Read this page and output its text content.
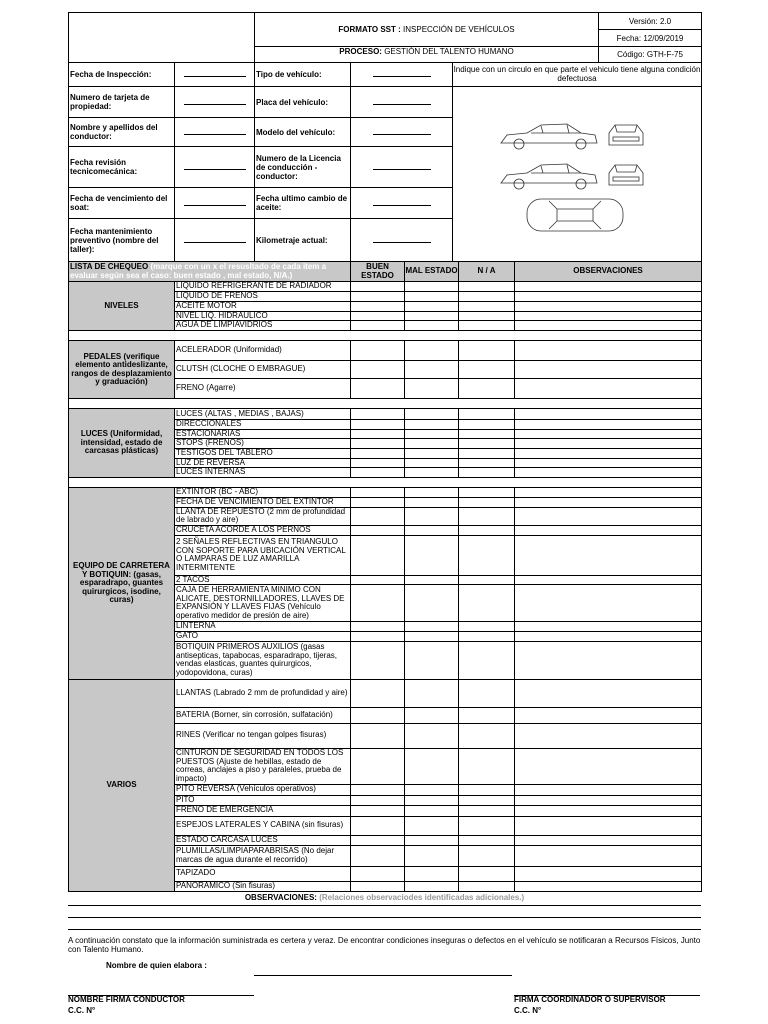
	FORMATO SST : INSPECCIÓN DE VEHÍCULOS	Versión: 2.0
		Fecha: 12/09/2019
	PROCESO: GESTIÓN DEL TALENTO HUMANO	Código: GTH-F-75
Fecha de Inspección:		Tipo de vehículo:		Indique con un circulo en que parte el vehiculo tiene alguna condición defectuosa
Numero de tarjeta de propiedad:		Placa del vehículo:		
Nombre y apellidos del conductor:		Modelo del vehículo:		
Fecha revisión tecnicomecánica:		Numero de la Licencia de conducción - conductor:		
Fecha de vencimiento del soat:		Fecha ultimo cambio de aceite:		
Fecha mantenimiento preventivo (nombre del taller):		Kilometraje actual:		
LISTA DE CHEQUEO (marque con un x el resusltado de cada item a evaluar según sea el caso: buen estado , mal estado, N/A.)		BUEN ESTADO	MAL ESTADO	N / A	OBSERVACIONES
NIVELES	LIQUIDO REFRIGERANTE DE RADIADOR				
	LIQUIDO DE FRENOS				
	ACEITE MOTOR				
	NIVEL LIQ. HIDRAULICO				
	AGUA DE LIMPIAVIDRIOS				

PEDALES (verifique elemento antideslizante, rangos de desplazamiento y graduación)	ACELERADOR (Uniformidad)				
	CLUTSH (CLOCHE O EMBRAGUE)				
	FRENO (Agarre)				

LUCES (Uniformidad, intensidad, estado de carcasas plásticas)	LUCES (ALTAS , MEDIAS , BAJAS)				
	DIRECCIONALES				
	ESTACIONARIAS				
	STOPS (FRENOS)				
	TESTIGOS DEL TABLERO				
	LUZ DE REVERSA				
	LUCES INTERNAS				

EQUIPO DE CARRETERA Y BOTIQUIN: (gasas, esparadrapo, guantes quirurgicos, isodine, curas)	EXTINTOR (BC - ABC)				
	FECHA DE VENCIMIENTO DEL EXTINTOR				
	LLANTA DE REPUESTO (2 mm de profundidad de labrado y aire)				
	CRUCETA ACORDE A LOS PERNOS				
	2 SEÑALES REFLECTIVAS EN TRIANGULO CON SOPORTE PARA UBICACIÓN VERTICAL O LAMPARAS DE LUZ AMARILLA INTERMITENTE				
	2 TACOS				
	CAJA DE HERRAMIENTA MINIMO CON ALICATE, DESTORNILLADORES, LLAVES DE EXPANSIÓN Y LLAVES FIJAS (Vehículo operativo medidor de presión de aire)				
	LINTERNA				
	GATO				
	BOTIQUIN PRIMEROS AUXILIOS (gasas antisepticas, tapabocas, esparadrapo, tijeras, vendas elasticas, guantes quirurgicos, yodopovidona, curas)				
VARIOS	LLANTAS (Labrado 2 mm de profundidad y aire)				
	BATERIA (Borner, sin corrosión, sulfatación)				
	RINES (Verificar no tengan golpes fisuras)				
	CINTURON DE SEGURIDAD EN TODOS LOS PUESTOS (Ajuste de hebillas, estado de correas, anclajes a piso y paraleles, prueba de impacto)				
	PITO REVERSA (Vehículos operativos)				
	PITO				
	FRENO DE EMERGENCIA				
	ESPEJOS LATERALES Y CABINA (sin fisuras)				
	ESTADO CARCASA LUCES				
	PLUMILLAS/LIMPIAPARABRISAS (No dejar marcas de agua durante el recorrido)				
	TAPIZADO				
	PANORAMICO (Sin fisuras)				
OBSERVACIONES: (Relaciones observaciodes identificadas adicionales.)
A continuación constato que la información suministrada es certera y veraz. De encontrar condiciones inseguras o defectos en el vehículo se notificaran a Recursos Físicos, Junto con Talento Humano.
Nombre de quien elabora :
NOMBRE FIRMA CONDUCTOR
C.C. N°
FIRMA COORDINADOR O SUPERVISOR
C.C. N°
